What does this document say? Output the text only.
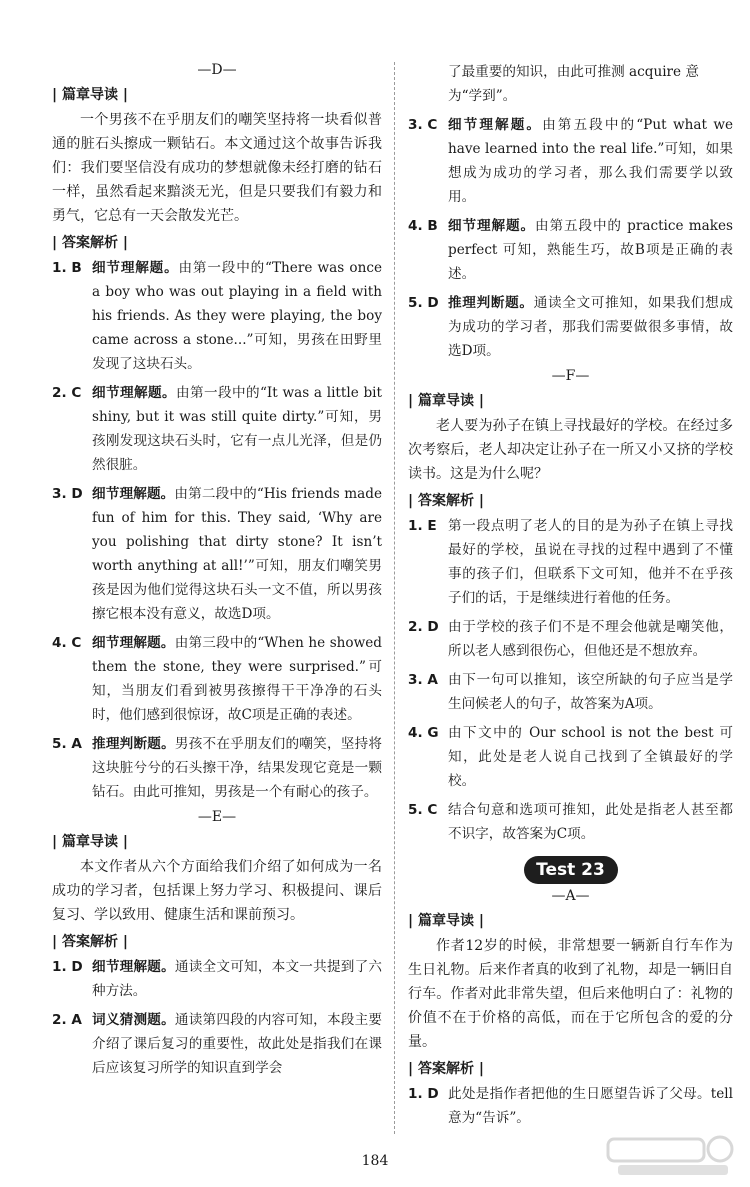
—D—
| 篇章导读 |

一个男孩不在乎朋友们的嘲笑坚持将一块看似普通的脏石头擦成一颗钻石。本文通过这个故事告诉我们：我们要坚信没有成功的梦想就像未经打磨的钻石一样，虽然看起来黯淡无光，但是只要我们有毅力和勇气，它总有一天会散发光芒。

| 答案解析 |
1. B 细节理解题。由第一段中的“There was once a boy who was out playing in a field with his friends. As they were playing, the boy came across a stone...”可知，男孩在田野里发现了这块石头。
2. C 细节理解题。由第一段中的“It was a little bit shiny, but it was still quite dirty.”可知，男孩刚发现这块石头时，它有一点儿光泽，但是仍然很脏。
3. D 细节理解题。由第二段中的“His friends made fun of him for this. They said, ‘Why are you polishing that dirty stone? It isn’t worth anything at all!’”可知，朋友们嘲笑男孩是因为他们觉得这块石头一文不值，所以男孩擦它根本没有意义，故选D项。
4. C 细节理解题。由第三段中的“When he showed them the stone, they were surprised.”可知，当朋友们看到被男孩擦得干干净净的石头时，他们感到很惊讶，故C项是正确的表述。
5. A 推理判断题。男孩不在乎朋友们的嘲笑，坚持将这块脏兮兮的石头擦干净，结果发现它竟是一颗钻石。由此可推知，男孩是一个有耐心的孩子。
—E—
| 篇章导读 |

本文作者从六个方面给我们介绍了如何成为一名成功的学习者，包括课上努力学习、积极提问、课后复习、学以致用、健康生活和课前预习。

| 答案解析 |
1. D 细节理解题。通读全文可知，本文一共提到了六种方法。
2. A 词义猜测题。通读第四段的内容可知，本段主要介绍了课后复习的重要性，故此处是指我们在课后应该复习所学的知识直到学会
了最重要的知识，由此可推测 acquire 意为“学到”。
3. C 细节理解题。由第五段中的“Put what we have learned into the real life.”可知，如果想成为成功的学习者，那么我们需要学以致用。
4. B 细节理解题。由第五段中的 practice makes perfect 可知，熟能生巧，故B项是正确的表述。
5. D 推理判断题。通读全文可推知，如果我们想成为成功的学习者，那我们需要做很多事情，故选D项。
—F—
| 篇章导读 |

老人要为孙子在镇上寻找最好的学校。在经过多次考察后，老人却决定让孙子在一所又小又挤的学校读书。这是为什么呢？

| 答案解析 |
1. E 第一段点明了老人的目的是为孙子在镇上寻找最好的学校，虽说在寻找的过程中遇到了不懂事的孩子们，但联系下文可知，他并不在乎孩子们的话，于是继续进行着他的任务。
2. D 由于学校的孩子们不是不理会他就是嘲笑他，所以老人感到很伤心，但他还是不想放弃。
3. A 由下一句可以推知，该空所缺的句子应当是学生问候老人的句子，故答案为A项。
4. G 由下文中的 Our school is not the best 可知，此处是老人说自己找到了全镇最好的学校。
5. C 结合句意和选项可推知，此处是指老人甚至都不识字，故答案为C项。
Test 23
—A—
| 篇章导读 |

作者12岁的时候，非常想要一辆新自行车作为生日礼物。后来作者真的收到了礼物，却是一辆旧自行车。作者对此非常失望，但后来他明白了：礼物的价值不在于价格的高低，而在于它所包含的爱的分量。

| 答案解析 |
1. D 此处是指作者把他的生日愿望告诉了父母。tell 意为“告诉”。
184
